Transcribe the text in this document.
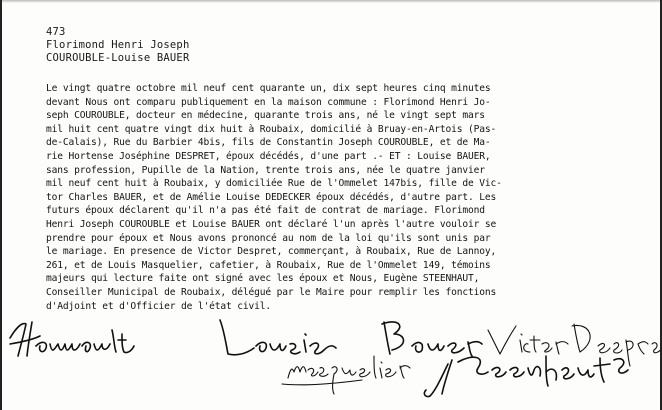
473
Florimond Henri Joseph
COUROUBLE-Louise BAUER
Le vingt quatre octobre mil neuf cent quarante un, dix sept heures cinq minutes
devant Nous ont comparu publiquement en la maison commune : Florimond Henri Jo-
seph COUROUBLE, docteur en médecine, quarante trois ans, né le vingt sept mars
mil huit cent quatre vingt dix huit à Roubaix, domicilié à Bruay-en-Artois (Pas-
de-Calais), Rue du Barbier 4bis, fils de Constantin Joseph COUROUBLE, et de Ma-
rie Hortense Joséphine DESPRET, époux décédés, d'une part .- ET : Louise BAUER,
sans profession, Pupille de la Nation, trente trois ans, née le quatre janvier
mil neuf cent huit à Roubaix, y domiciliée Rue de l'Ommelet 147bis, fille de Vic-
tor Charles BAUER, et de Amélie Louise DEDECKER époux décédés, d'autre part. Les
futurs époux déclarent qu'il n'a pas été fait de contrat de mariage. Florimond
Henri Joseph COUROUBLE et Louise BAUER ont déclaré l'un après l'autre vouloir se
prendre pour époux et Nous avons prononcé au nom de la loi qu'ils sont unis par
le mariage. En presence de Victor Despret, commerçant, à Roubaix, Rue de Lannoy,
261, et de Louis Masquelier, cafetier, à Roubaix, Rue de l'Ommelet 149, témoins
majeurs qui lecture faite ont signé avec les époux et Nous, Eugène STEENHAUT,
Conseiller Municipal de Roubaix, délégué par le Maire pour remplir les fonctions
d'Adjoint et d'Officier de l'état civil.
